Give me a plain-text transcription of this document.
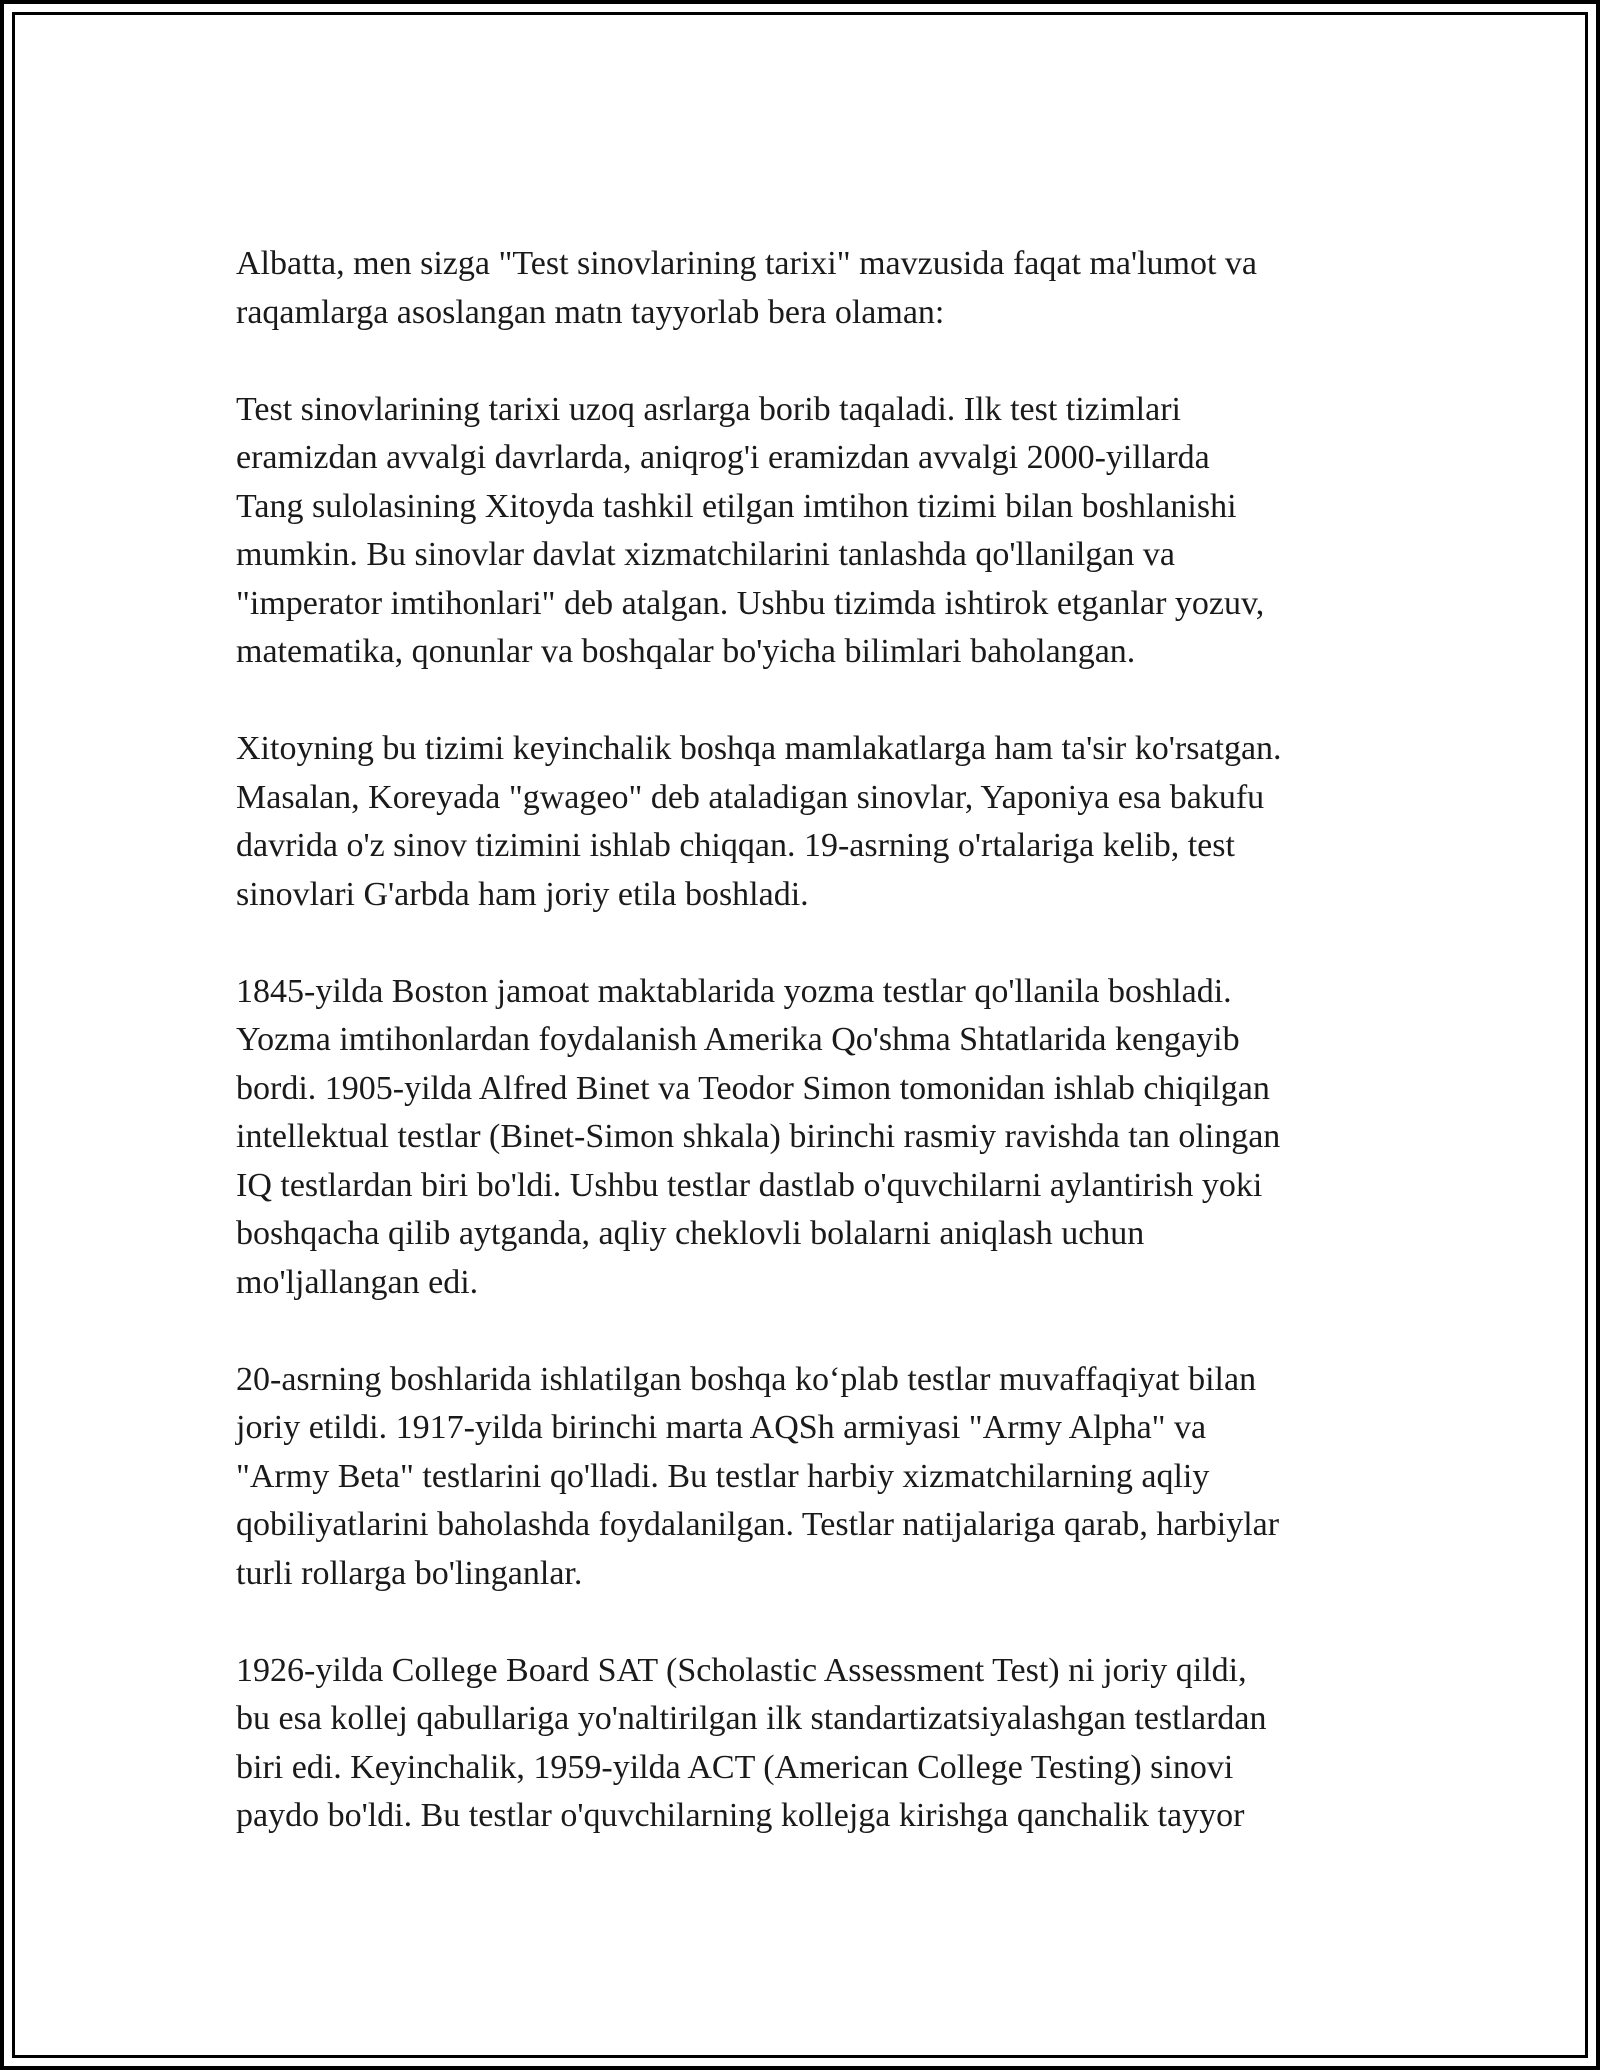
Albatta, men sizga "Test sinovlarining tarixi" mavzusida faqat ma'lumot va
raqamlarga asoslangan matn tayyorlab bera olaman:

Test sinovlarining tarixi uzoq asrlarga borib taqaladi. Ilk test tizimlari
eramizdan avvalgi davrlarda, aniqrog'i eramizdan avvalgi 2000-yillarda
Tang sulolasining Xitoyda tashkil etilgan imtihon tizimi bilan boshlanishi
mumkin. Bu sinovlar davlat xizmatchilarini tanlashda qo'llanilgan va
"imperator imtihonlari" deb atalgan. Ushbu tizimda ishtirok etganlar yozuv,
matematika, qonunlar va boshqalar bo'yicha bilimlari baholangan.

Xitoyning bu tizimi keyinchalik boshqa mamlakatlarga ham ta'sir ko'rsatgan.
Masalan, Koreyada "gwageo" deb ataladigan sinovlar, Yaponiya esa bakufu
davrida o'z sinov tizimini ishlab chiqqan. 19-asrning o'rtalariga kelib, test
sinovlari G'arbda ham joriy etila boshladi.

1845-yilda Boston jamoat maktablarida yozma testlar qo'llanila boshladi.
Yozma imtihonlardan foydalanish Amerika Qo'shma Shtatlarida kengayib
bordi. 1905-yilda Alfred Binet va Teodor Simon tomonidan ishlab chiqilgan
intellektual testlar (Binet-Simon shkala) birinchi rasmiy ravishda tan olingan
IQ testlardan biri bo'ldi. Ushbu testlar dastlab o'quvchilarni aylantirish yoki
boshqacha qilib aytganda, aqliy cheklovli bolalarni aniqlash uchun
mo'ljallangan edi.

20-asrning boshlarida ishlatilgan boshqa ko‘plab testlar muvaffaqiyat bilan
joriy etildi. 1917-yilda birinchi marta AQSh armiyasi "Army Alpha" va
"Army Beta" testlarini qo'lladi. Bu testlar harbiy xizmatchilarning aqliy
qobiliyatlarini baholashda foydalanilgan. Testlar natijalariga qarab, harbiylar
turli rollarga bo'linganlar.

1926-yilda College Board SAT (Scholastic Assessment Test) ni joriy qildi,
bu esa kollej qabullariga yo'naltirilgan ilk standartizatsiyalashgan testlardan
biri edi. Keyinchalik, 1959-yilda ACT (American College Testing) sinovi
paydo bo'ldi. Bu testlar o'quvchilarning kollejga kirishga qanchalik tayyor
